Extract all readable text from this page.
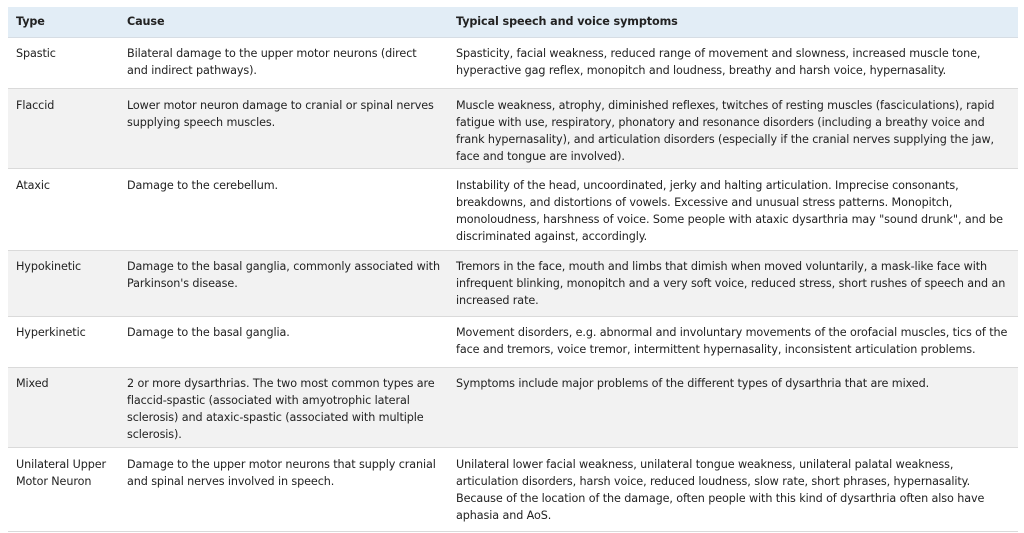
Type	Cause	Typical speech and voice symptoms
Spastic	Bilateral damage to the upper motor neurons (direct and indirect pathways).	Spasticity, facial weakness, reduced range of movement and slowness, increased muscle tone, hyperactive gag reflex, monopitch and loudness, breathy and harsh voice, hypernasality.
Flaccid	Lower motor neuron damage to cranial or spinal nerves supplying speech muscles.	Muscle weakness, atrophy, diminished reflexes, twitches of resting muscles (fasciculations), rapid fatigue with use, respiratory, phonatory and resonance disorders (including a breathy voice and frank hypernasality), and articulation disorders (especially if the cranial nerves supplying the jaw, face and tongue are involved).
Ataxic	Damage to the cerebellum.	Instability of the head, uncoordinated, jerky and halting articulation. Imprecise consonants, breakdowns, and distortions of vowels. Excessive and unusual stress patterns. Monopitch, monoloudness, harshness of voice. Some people with ataxic dysarthria may "sound drunk", and be discriminated against, accordingly.
Hypokinetic	Damage to the basal ganglia, commonly associated with Parkinson's disease.	Tremors in the face, mouth and limbs that dimish when moved voluntarily, a mask-like face with infrequent blinking, monopitch and a very soft voice, reduced stress, short rushes of speech and an increased rate.
Hyperkinetic	Damage to the basal ganglia.	Movement disorders, e.g. abnormal and involuntary movements of the orofacial muscles, tics of the face and tremors, voice tremor, intermittent hypernasality, inconsistent articulation problems.
Mixed	2 or more dysarthrias. The two most common types are flaccid-spastic (associated with amyotrophic lateral sclerosis) and ataxic-spastic (associated with multiple sclerosis).	Symptoms include major problems of the different types of dysarthria that are mixed.
Unilateral Upper Motor Neuron	Damage to the upper motor neurons that supply cranial and spinal nerves involved in speech.	Unilateral lower facial weakness, unilateral tongue weakness, unilateral palatal weakness, articulation disorders, harsh voice, reduced loudness, slow rate, short phrases, hypernasality. Because of the location of the damage, often people with this kind of dysarthria often also have aphasia and AoS.
